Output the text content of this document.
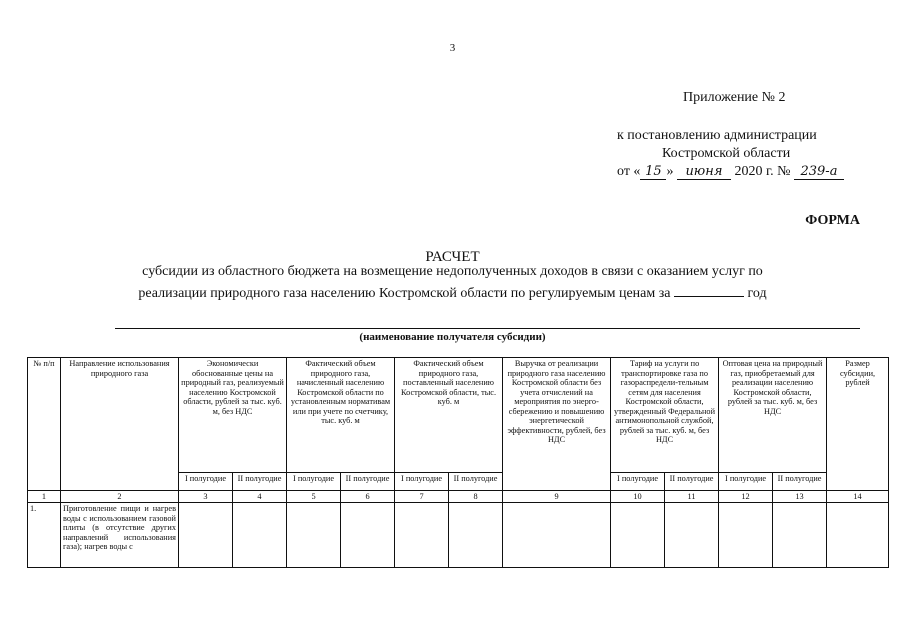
3
Приложение № 2
к постановлению администрации
Костромской области
от « 15 » июня 2020 г. № 239-а
ФОРМА
РАСЧЕТ
субсидии из областного бюджета на возмещение недополученных доходов в связи с оказанием услуг по
реализации природного газа населению Костромской области по регулируемым ценам за	год
(наименование получателя субсидии)
№ п/п	Направление использования природного газа	Экономически обоснованные цены на природный газ, реализуемый населению Костромской области, рублей за тыс. куб. м, без НДС		Фактический объем природного газа, начисленный населению Костромской области по установленным нормативам или при учете по счетчику, тыс. куб. м		Фактический объем природного газа, поставленный населению Костромской области, тыс. куб. м		Выручка от реализации природного газа населению Костромской области без учета отчислений на мероприятия по энерго-сбережению и повышению энергетической эффективности, рублей, без НДС	Тариф на услуги по транспортировке газа по газораспредели-тельным сетям для населения Костромской области, утвержденный Федеральной антимонопольной службой, рублей за тыс. куб. м, без НДС		Оптовая цена на природный газ, приобретаемый для реализации населению Костромской области, рублей за тыс. куб. м, без НДС		Размер субсидии, рублей
		I полугодие	II полугодие	I полугодие	II полугодие	I полугодие	II полугодие		I полугодие	II полугодие	I полугодие	II полугодие	
1	2	3	4	5	6	7	8	9	10	11	12	13	14
1.	Приготовление пищи и нагрев воды с использованием газовой плиты (в отсутствие других направлений использования газа); нагрев воды с												
